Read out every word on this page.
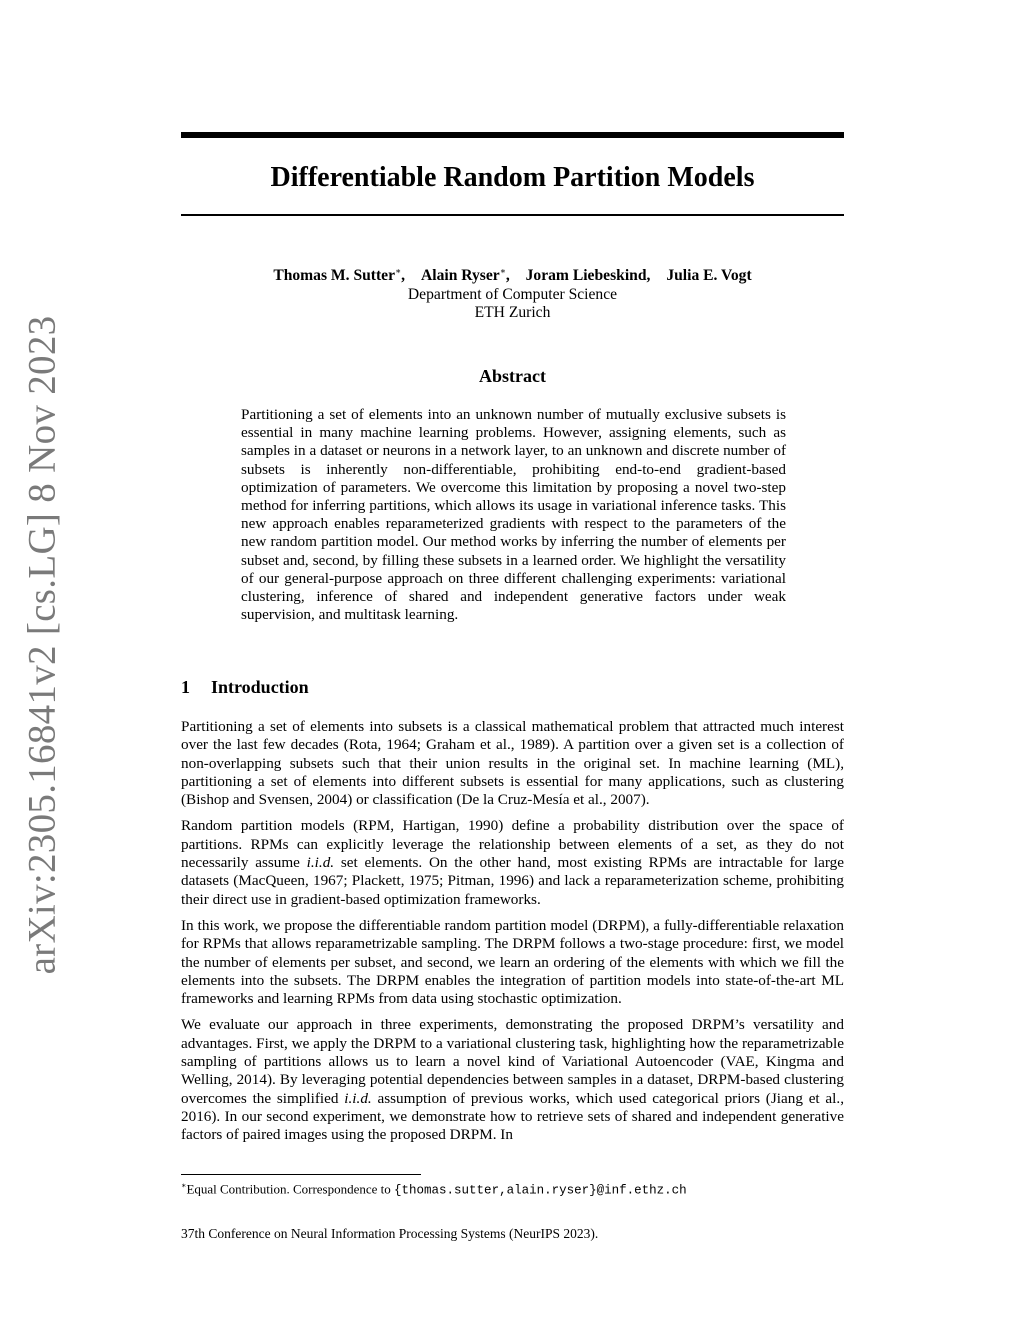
arXiv:2305.16841v2 [cs.LG] 8 Nov 2023
Differentiable Random Partition Models
Thomas M. Sutter∗, Alain Ryser∗, Joram Liebeskind, Julia E. Vogt
Department of Computer Science
ETH Zurich
Abstract

Partitioning a set of elements into an unknown number of mutually exclusive subsets is essential in many machine learning problems. However, assigning elements, such as samples in a dataset or neurons in a network layer, to an unknown and discrete number of subsets is inherently non-differentiable, prohibiting end-to-end gradient-based optimization of parameters. We overcome this limitation by proposing a novel two-step method for inferring partitions, which allows its usage in variational inference tasks. This new approach enables reparameterized gradients with respect to the parameters of the new random partition model. Our method works by inferring the number of elements per subset and, second, by filling these subsets in a learned order. We highlight the versatility of our general-purpose approach on three different challenging experiments: variational clustering, inference of shared and independent generative factors under weak supervision, and multitask learning.

1 Introduction

Partitioning a set of elements into subsets is a classical mathematical problem that attracted much interest over the last few decades (Rota, 1964; Graham et al., 1989). A partition over a given set is a collection of non-overlapping subsets such that their union results in the original set. In machine learning (ML), partitioning a set of elements into different subsets is essential for many applications, such as clustering (Bishop and Svensen, 2004) or classification (De la Cruz-Mesía et al., 2007).

Random partition models (RPM, Hartigan, 1990) define a probability distribution over the space of partitions. RPMs can explicitly leverage the relationship between elements of a set, as they do not necessarily assume i.i.d. set elements. On the other hand, most existing RPMs are intractable for large datasets (MacQueen, 1967; Plackett, 1975; Pitman, 1996) and lack a reparameterization scheme, prohibiting their direct use in gradient-based optimization frameworks.

In this work, we propose the differentiable random partition model (DRPM), a fully-differentiable relaxation for RPMs that allows reparametrizable sampling. The DRPM follows a two-stage procedure: first, we model the number of elements per subset, and second, we learn an ordering of the elements with which we fill the elements into the subsets. The DRPM enables the integration of partition models into state-of-the-art ML frameworks and learning RPMs from data using stochastic optimization.

We evaluate our approach in three experiments, demonstrating the proposed DRPM’s versatility and advantages. First, we apply the DRPM to a variational clustering task, highlighting how the reparametrizable sampling of partitions allows us to learn a novel kind of Variational Autoencoder (VAE, Kingma and Welling, 2014). By leveraging potential dependencies between samples in a dataset, DRPM-based clustering overcomes the simplified i.i.d. assumption of previous works, which used categorical priors (Jiang et al., 2016). In our second experiment, we demonstrate how to retrieve sets of shared and independent generative factors of paired images using the proposed DRPM. In

∗Equal Contribution. Correspondence to {thomas.sutter,alain.ryser}@inf.ethz.ch
37th Conference on Neural Information Processing Systems (NeurIPS 2023).
